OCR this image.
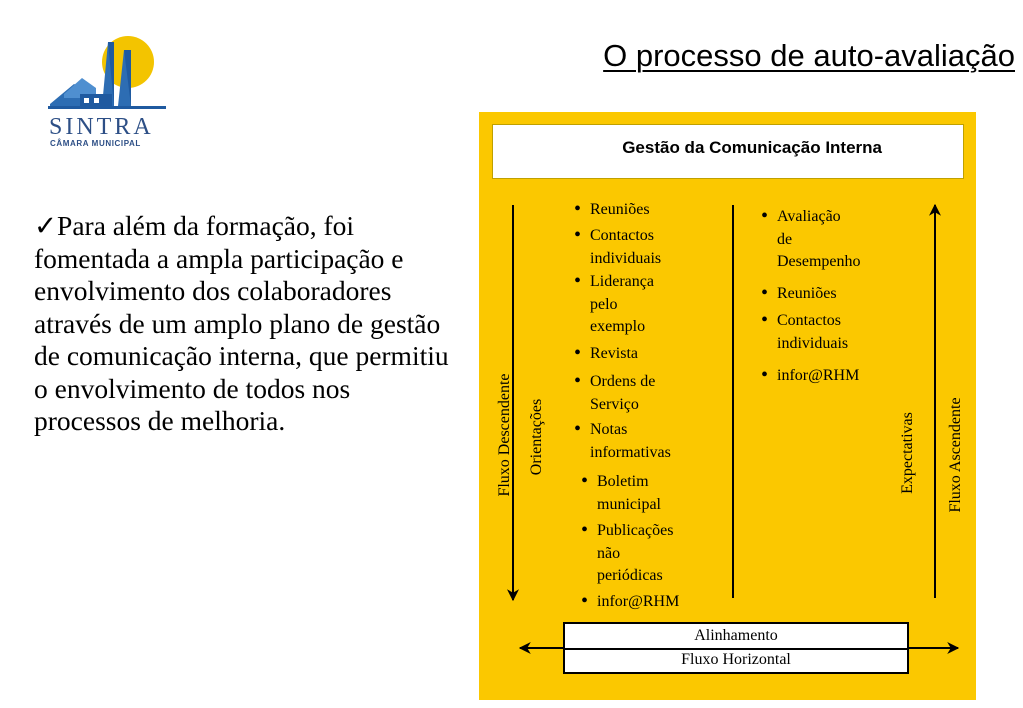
SINTRA
CÂMARA MUNICIPAL
O processo de auto-avaliação
✓Para além da formação, foi fomentada a ampla participação e envolvimento dos colaboradores através de um amplo plano de gestão de comunicação interna, que permitiu o envolvimento de todos nos processos de melhoria.
Gestão da Comunicação Interna
Fluxo Descendente Orientações	Expectativas	Fluxo Ascendente
• Reuniões
• Contactos
individuais
• Liderança
pelo
exemplo
• Revista
• Ordens de
Serviço
• Notas
informativas
• Boletim
municipal
• Publicações
não
periódicas
• infor@RHM
• Avaliação
de
Desempenho
• Reuniões
• Contactos
individuais
• infor@RHM
Alinhamento
Fluxo Horizontal
